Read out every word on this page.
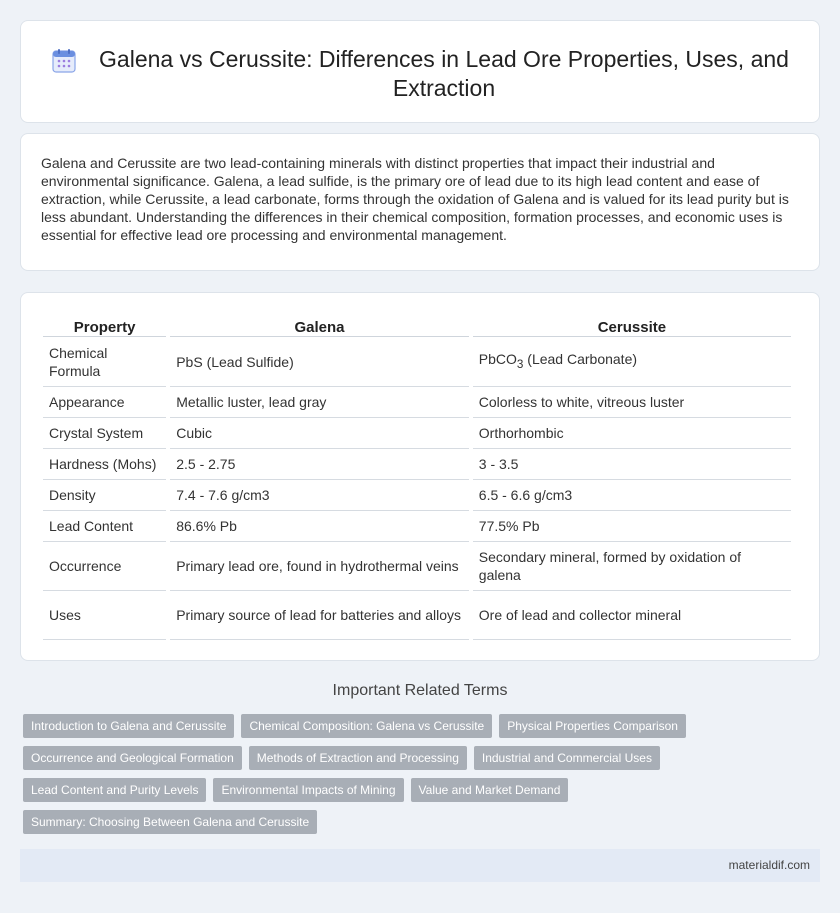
Galena vs Cerussite: Differences in Lead Ore Properties, Uses, and Extraction

Galena and Cerussite are two lead-containing minerals with distinct properties that impact their industrial and environmental significance. Galena, a lead sulfide, is the primary ore of lead due to its high lead content and ease of extraction, while Cerussite, a lead carbonate, forms through the oxidation of Galena and is valued for its lead purity but is less abundant. Understanding the differences in their chemical composition, formation processes, and economic uses is essential for effective lead ore processing and environmental management.

Property	Galena	Cerussite
Chemical Formula	PbS (Lead Sulfide)	PbCO$_3$ (Lead Carbonate)
Appearance	Metallic luster, lead gray	Colorless to white, vitreous luster
Crystal System	Cubic	Orthorhombic
Hardness (Mohs)	2.5 - 2.75	3 - 3.5
Density	7.4 - 7.6 g/cm3	6.5 - 6.6 g/cm3
Lead Content	86.6% Pb	77.5% Pb
Occurrence	Primary lead ore, found in hydrothermal veins	Secondary mineral, formed by oxidation of galena
Uses	Primary source of lead for batteries and alloys	Ore of lead and collector mineral
Important Related Terms
Introduction to Galena and Cerussite	Chemical Composition: Galena vs Cerussite	Physical Properties Comparison
Occurrence and Geological Formation	Methods of Extraction and Processing	Industrial and Commercial Uses
Lead Content and Purity Levels	Environmental Impacts of Mining	Value and Market Demand
Summary: Choosing Between Galena and Cerussite
materialdif.com
